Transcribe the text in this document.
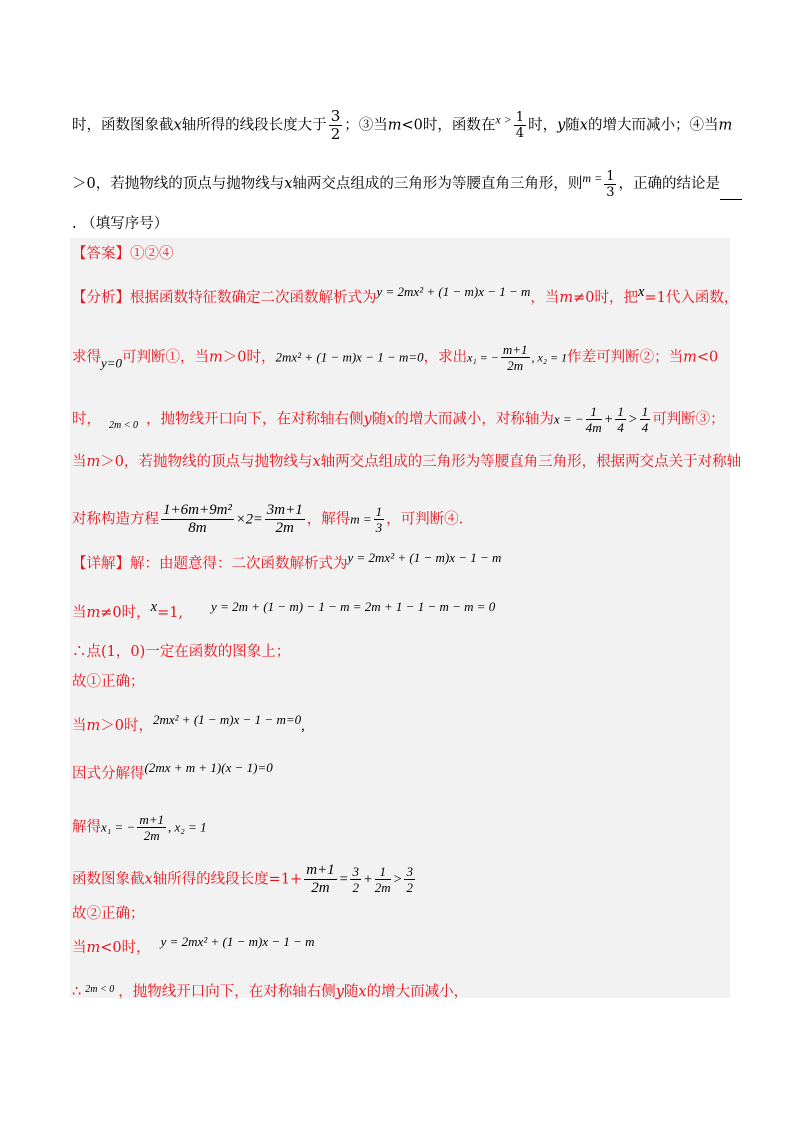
时，函数图象截x轴所得的线段长度大于 $\frac{3}{2}$ ；③当m<0时，函数在$^{x >} \frac{1}{4}$ 时，y随x的增大而减小；④当m
＞0，若抛物线的顶点与抛物线与x轴两交点组成的三角形为等腰直角三角形，则$^{m =} \frac{1}{3}$ ，正确的结论是
. （填写序号）
【答案】①②④
【分析】根据函数特征数确定二次函数解析式为y = 2mx² + (1 − m)x − 1 − m，当m≠0时，把x=1代入函数，
求得y=0可判断①，当m＞0时，2mx² + (1 − m)x − 1 − m=0，求出x₁ = − $\frac{m+1}{2m}$ , x₂ = 1作差可判断②；当m<0
时， $_{2m < 0}$ ，抛物线开口向下，在对称轴右侧y随x的增大而减小，对称轴为x = − $\frac{1}{4m} + \frac{1}{4} > \frac{1}{4}$ 可判断③；
当m＞0，若抛物线的顶点与抛物线与x轴两交点组成的三角形为等腰直角三角形，根据两交点关于对称轴
对称构造方程 $\frac{\text{1+6m+9m²}}{8m} \times 2= \frac{3m+1}{2m}$ ，解得$m = \frac{1}{3}$ ，可判断④.
【详解】解：由题意得：二次函数解析式为y = 2mx² + (1 − m)x − 1 − m
当m≠0时，x=1, y = 2m + (1 − m) − 1 − m = 2m + 1 − 1 − m − m = 0
∴点(1，0)一定在函数的图象上；
故①正确；
当m＞0时，2mx² + (1 − m)x − 1 − m=0,
因式分解得(2mx + m + 1)(x − 1)=0
解得x₁ = − $\frac{m+1}{2m}$ , x₂ = 1
函数图象截x轴所得的线段长度$=1+ \frac{m+1}{2m} = \frac{3}{2} + \frac{1}{2m} > \frac{3}{2}$
故②正确；
当m<0时， y = 2mx² + (1 − m)x − 1 − m
∴ $^{2m < 0}$ ，抛物线开口向下，在对称轴右侧y随x的增大而减小，
